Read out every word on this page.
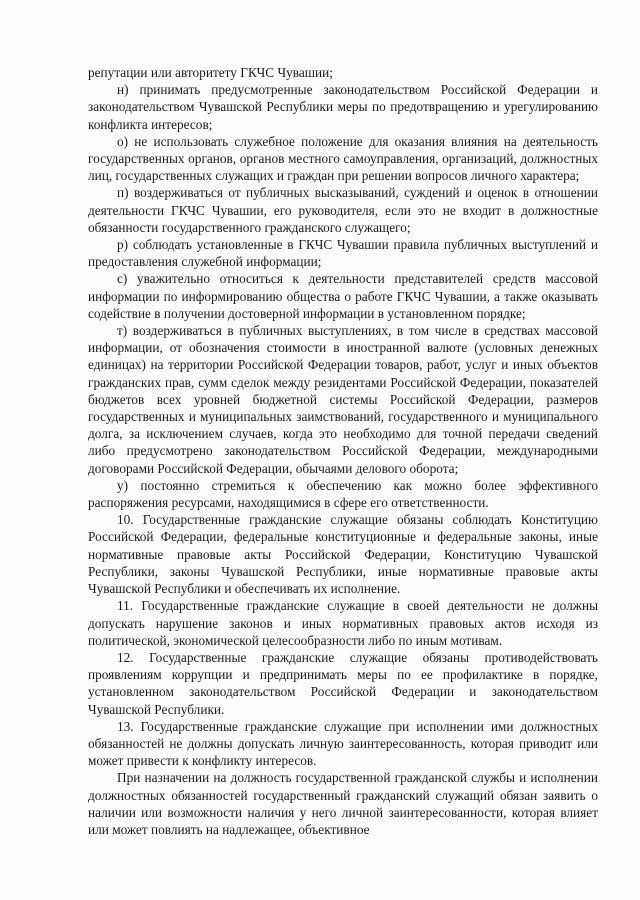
репутации или авторитету ГКЧС Чувашии;

н) принимать предусмотренные законодательством Российской Федерации и законодательством Чувашской Республики меры по предотвращению и урегулированию конфликта интересов;

о) не использовать служебное положение для оказания влияния на деятельность государственных органов, органов местного самоуправления, организаций, должностных лиц, государственных служащих и граждан при решении вопросов личного характера;

п) воздерживаться от публичных высказываний, суждений и оценок в отношении деятельности ГКЧС Чувашии, его руководителя, если это не входит в должностные обязанности государственного гражданского служащего;

р) соблюдать установленные в ГКЧС Чувашии правила публичных выступлений и предоставления служебной информации;

с) уважительно относиться к деятельности представителей средств массовой информации по информированию общества о работе ГКЧС Чувашии, а также оказывать содействие в получении достоверной информации в установленном порядке;

т) воздерживаться в публичных выступлениях, в том числе в средствах массовой информации, от обозначения стоимости в иностранной валюте (условных денежных единицах) на территории Российской Федерации товаров, работ, услуг и иных объектов гражданских прав, сумм сделок между резидентами Российской Федерации, показателей бюджетов всех уровней бюджетной системы Российской Федерации, размеров государственных и муниципальных заимствований, государственного и муниципального долга, за исключением случаев, когда это необходимо для точной передачи сведений либо предусмотрено законодательством Российской Федерации, международными договорами Российской Федерации, обычаями делового оборота;

у) постоянно стремиться к обеспечению как можно более эффективного распоряжения ресурсами, находящимися в сфере его ответственности.

10. Государственные гражданские служащие обязаны соблюдать Конституцию Российской Федерации, федеральные конституционные и федеральные законы, иные нормативные правовые акты Российской Федерации, Конституцию Чувашской Республики, законы Чувашской Республики, иные нормативные правовые акты Чувашской Республики и обеспечивать их исполнение.

11. Государственные гражданские служащие в своей деятельности не должны допускать нарушение законов и иных нормативных правовых актов исходя из политической, экономической целесообразности либо по иным мотивам.

12. Государственные гражданские служащие обязаны противодействовать проявлениям коррупции и предпринимать меры по ее профилактике в порядке, установленном законодательством Российской Федерации и законодательством Чувашской Республики.

13. Государственные гражданские служащие при исполнении ими должностных обязанностей не должны допускать личную заинтересованность, которая приводит или может привести к конфликту интересов.

При назначении на должность государственной гражданской службы и исполнении должностных обязанностей государственный гражданский служащий обязан заявить о наличии или возможности наличия у него личной заинтересованности, которая влияет или может повлиять на надлежащее, объективное
